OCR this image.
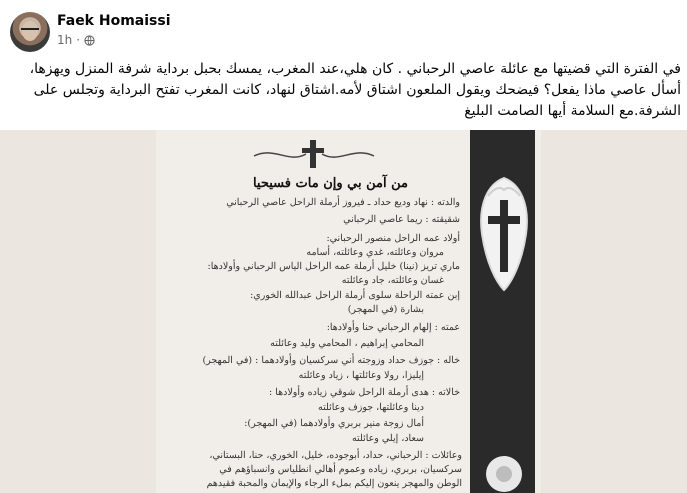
Faek Homaissi
1h ·
في الفترة التي قضيتها مع عائلة عاصي الرحباني . كان هلي،عند المغرب، يمسك بحبل برداية شرفة المنزل ويهزها، أسأل عاصي ماذا يفعل؟ فيضحك ويقول الملعون اشتاق لأمه.اشتاق لنهاد، كانت المغرب تفتح البرداية وتجلس على الشرفة.مع السلامة أيها الصامت البليغ
من آمن بي وإن مات فسيحيا
والدته : نهاد وديع حداد ـ فيروز أرملة الراحل عاصي الرحباني
شقيقته : ريما عاصي الرحباني
أولاد عمه الراحل منصور الرحباني:
مروان وعائلته، غدي وعائلته، أسامه
ماري تريز (نينا) خليل أرملة عمه الراحل الياس الرحباني وأولادها:
غسان وعائلته، جاد وعائلته
إبن عمته الراحلة سلوى أرملة الراحل عبدالله الخوري:
بشارة (في المهجر)
عمته : إلهام الرحباني حنا وأولادها:
المحامي إبراهيم ، المحامي وليد وعائلته
خاله : جوزف حداد وزوجته أني سركسيان وأولادهما : (في المهجر)
إيليزا، رولا وعائلتها ، زياد وعائلته
خالاته : هدى أرملة الراحل شوقي زياده وأولادها :
دينا وعائلتها، جوزف وعائلته
أمال زوجة منير بربري وأولادهما (في المهجر):
سعاد، إيلي وعائلته
وعائلات : الرحباني، حداد، أبوجوده، خليل، الخوري، حنا، البستاني،
سركسيان، بربري، زياده وعموم أهالي انطلياس وانسباؤهم في
الوطن والمهجر ينعون إليكم بملء الرجاء والإيمان والمحبة فقيدهم
